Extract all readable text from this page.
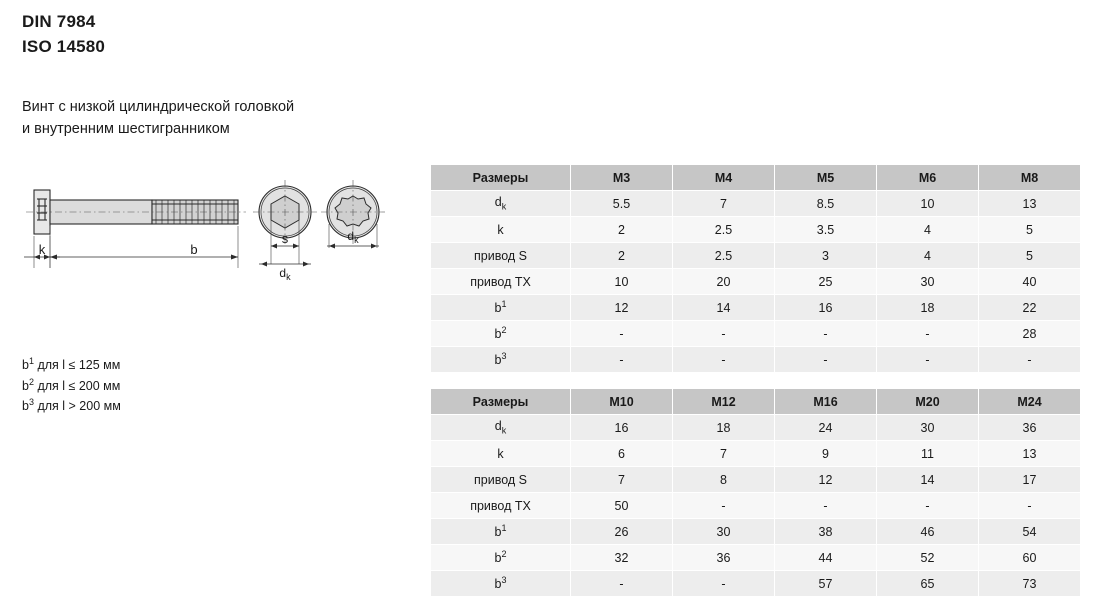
DIN 7984
ISO 14580
Винт с низкой цилиндрической головкой
и внутренним шестигранником
k	b
s
$d_k$
$d_k$
$b^1$ для l ≤ 125 мм
$b^2$ для l ≤ 200 мм
$b^3$ для l > 200 мм
Размеры	M3	M4	M5	M6	M8
$d_k$	5.5	7	8.5	10	13
k	2	2.5	3.5	4	5
привод S	2	2.5	3	4	5
привод TX	10	20	25	30	40
$b^1$	12	14	16	18	22
$b^2$	-	-	-	-	28
$b^3$	-	-	-	-	-
Размеры	M10	M12	M16	M20	M24
$d_k$	16	18	24	30	36
k	6	7	9	11	13
привод S	7	8	12	14	17
привод TX	50	-	-	-	-
$b^1$	26	30	38	46	54
$b^2$	32	36	44	52	60
$b^3$	-	-	57	65	73
